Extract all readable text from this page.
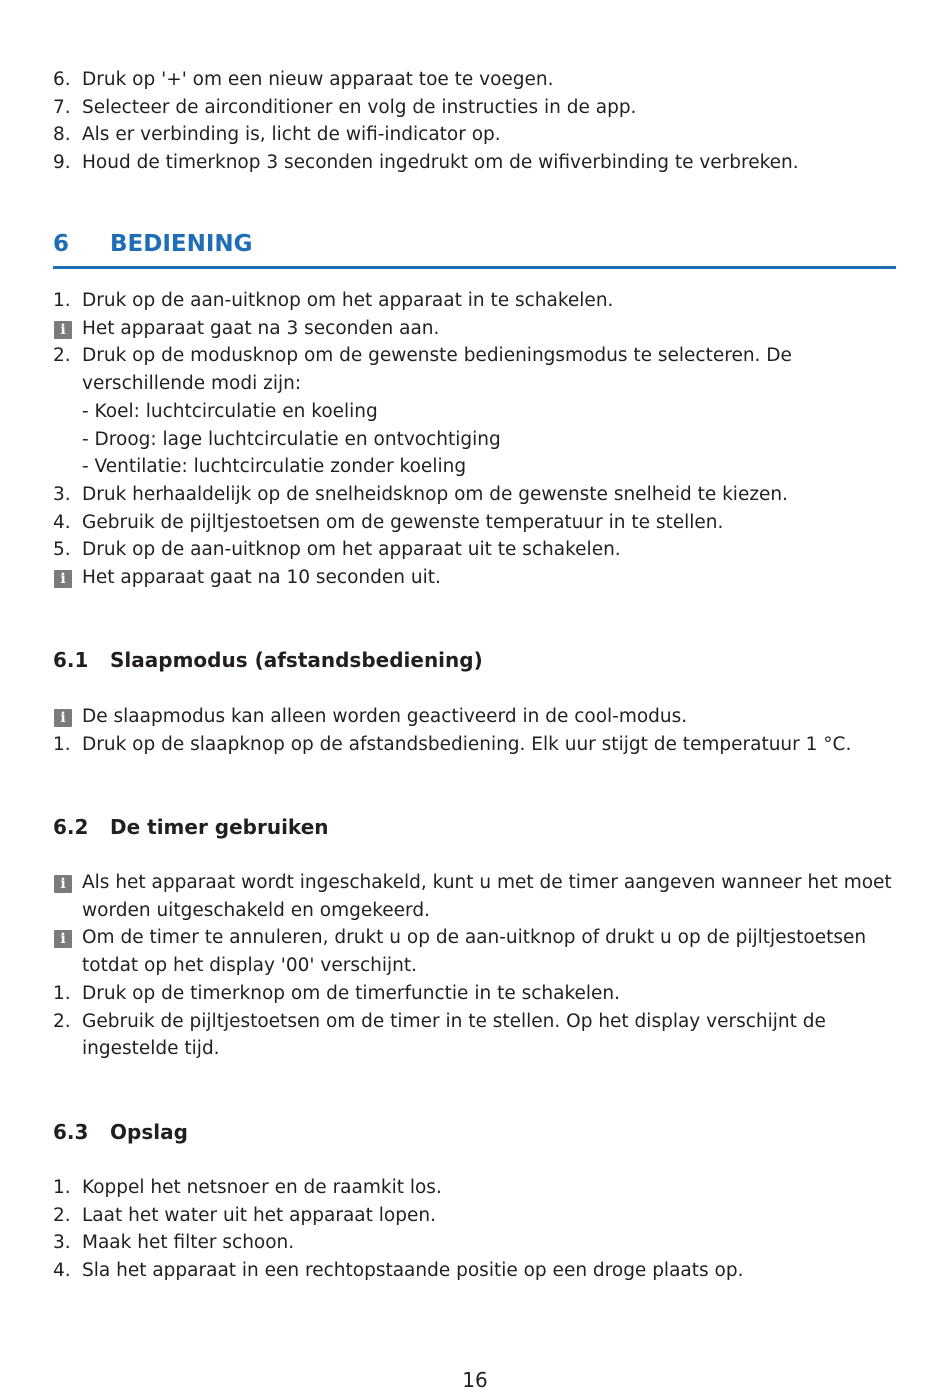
6. Druk op '+' om een nieuw apparaat toe te voegen.
7. Selecteer de airconditioner en volg de instructies in de app.
8. Als er verbinding is, licht de wifi-indicator op.
9. Houd de timerknop 3 seconden ingedrukt om de wifiverbinding te verbreken.
6 BEDIENING
1. Druk op de aan-uitknop om het apparaat in te schakelen.
i Het apparaat gaat na 3 seconden aan.
2. Druk op de modusknop om de gewenste bedieningsmodus te selecteren. De
verschillende modi zijn:
- Koel: luchtcirculatie en koeling
- Droog: lage luchtcirculatie en ontvochtiging
- Ventilatie: luchtcirculatie zonder koeling
3. Druk herhaaldelijk op de snelheidsknop om de gewenste snelheid te kiezen.
4. Gebruik de pijltjestoetsen om de gewenste temperatuur in te stellen.
5. Druk op de aan-uitknop om het apparaat uit te schakelen.
i Het apparaat gaat na 10 seconden uit.
6.1 Slaapmodus (afstandsbediening)
i De slaapmodus kan alleen worden geactiveerd in de cool-modus.
1. Druk op de slaapknop op de afstandsbediening. Elk uur stijgt de temperatuur 1 °C.
6.2 De timer gebruiken
i Als het apparaat wordt ingeschakeld, kunt u met de timer aangeven wanneer het moet
worden uitgeschakeld en omgekeerd.
i Om de timer te annuleren, drukt u op de aan-uitknop of drukt u op de pijltjestoetsen
totdat op het display '00' verschijnt.
1. Druk op de timerknop om de timerfunctie in te schakelen.
2. Gebruik de pijltjestoetsen om de timer in te stellen. Op het display verschijnt de
ingestelde tijd.
6.3 Opslag
1. Koppel het netsnoer en de raamkit los.
2. Laat het water uit het apparaat lopen.
3. Maak het filter schoon.
4. Sla het apparaat in een rechtopstaande positie op een droge plaats op.
16
